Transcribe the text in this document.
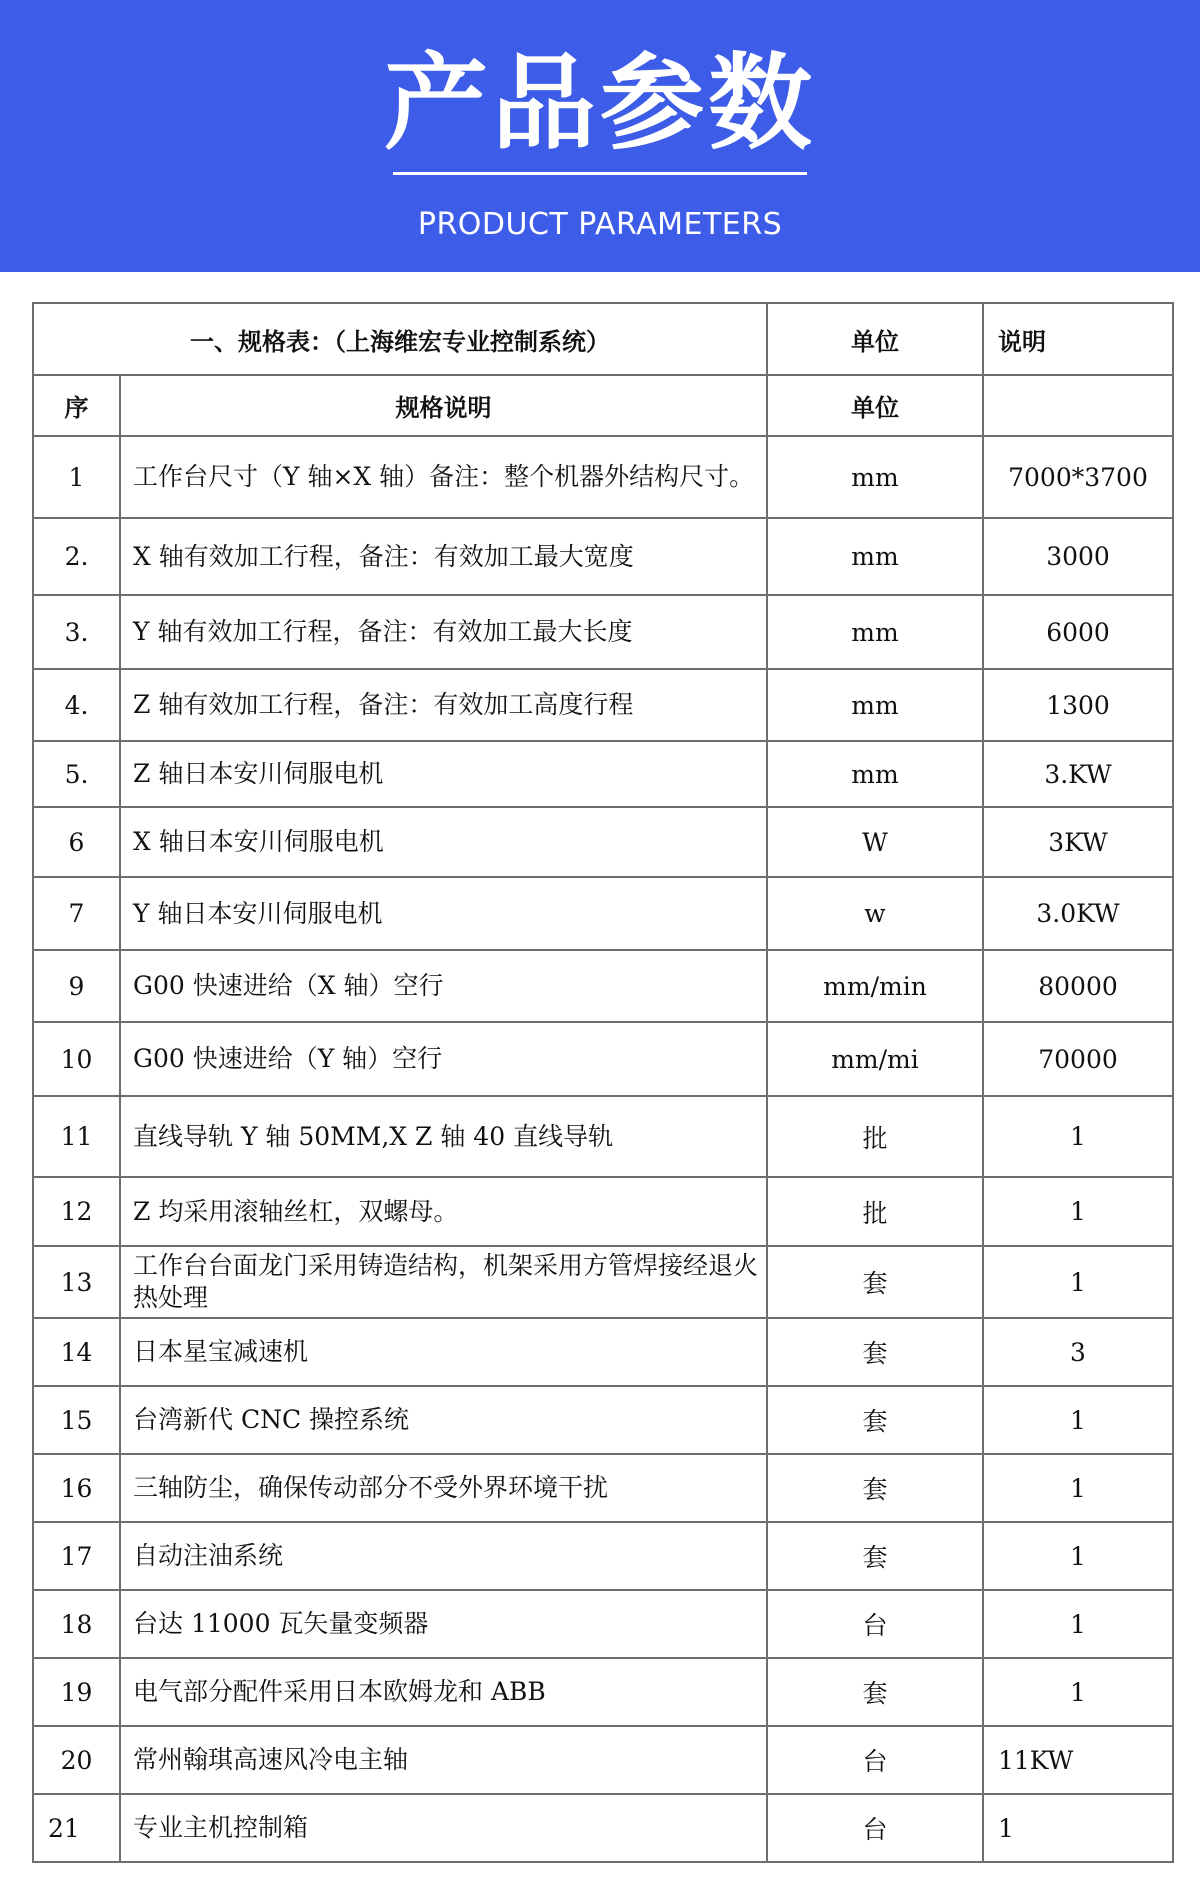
产品参数
PRODUCT PARAMETERS
一、规格表：（上海维宏专业控制系统）		单位	说明
序	规格说明	单位	
1	工作台尺寸（Y 轴×X 轴）备注：整个机器外结构尺寸。	mm	7000*3700
2.	X 轴有效加工行程，备注：有效加工最大宽度	mm	3000
3.	Y 轴有效加工行程，备注：有效加工最大长度	mm	6000
4.	Z 轴有效加工行程，备注：有效加工高度行程	mm	1300
5.	Z 轴日本安川伺服电机	mm	3.KW
6	X 轴日本安川伺服电机	W	3KW
7	Y 轴日本安川伺服电机	w	3.0KW
9	G00 快速进给（X 轴）空行	mm/min	80000
10	G00 快速进给（Y 轴）空行	mm/mi	70000
11	直线导轨 Y 轴 50MM,X Z 轴 40 直线导轨	批	1
12	Z 均采用滚轴丝杠，双螺母。	批	1
13	工作台台面龙门采用铸造结构，机架采用方管焊接经退火热处理	套	1
14	日本星宝减速机	套	3
15	台湾新代 CNC 操控系统	套	1
16	三轴防尘，确保传动部分不受外界环境干扰	套	1
17	自动注油系统	套	1
18	台达 11000 瓦矢量变频器	台	1
19	电气部分配件采用日本欧姆龙和 ABB	套	1
20	常州翰琪高速风冷电主轴	台	11KW
21	专业主机控制箱	台	1
